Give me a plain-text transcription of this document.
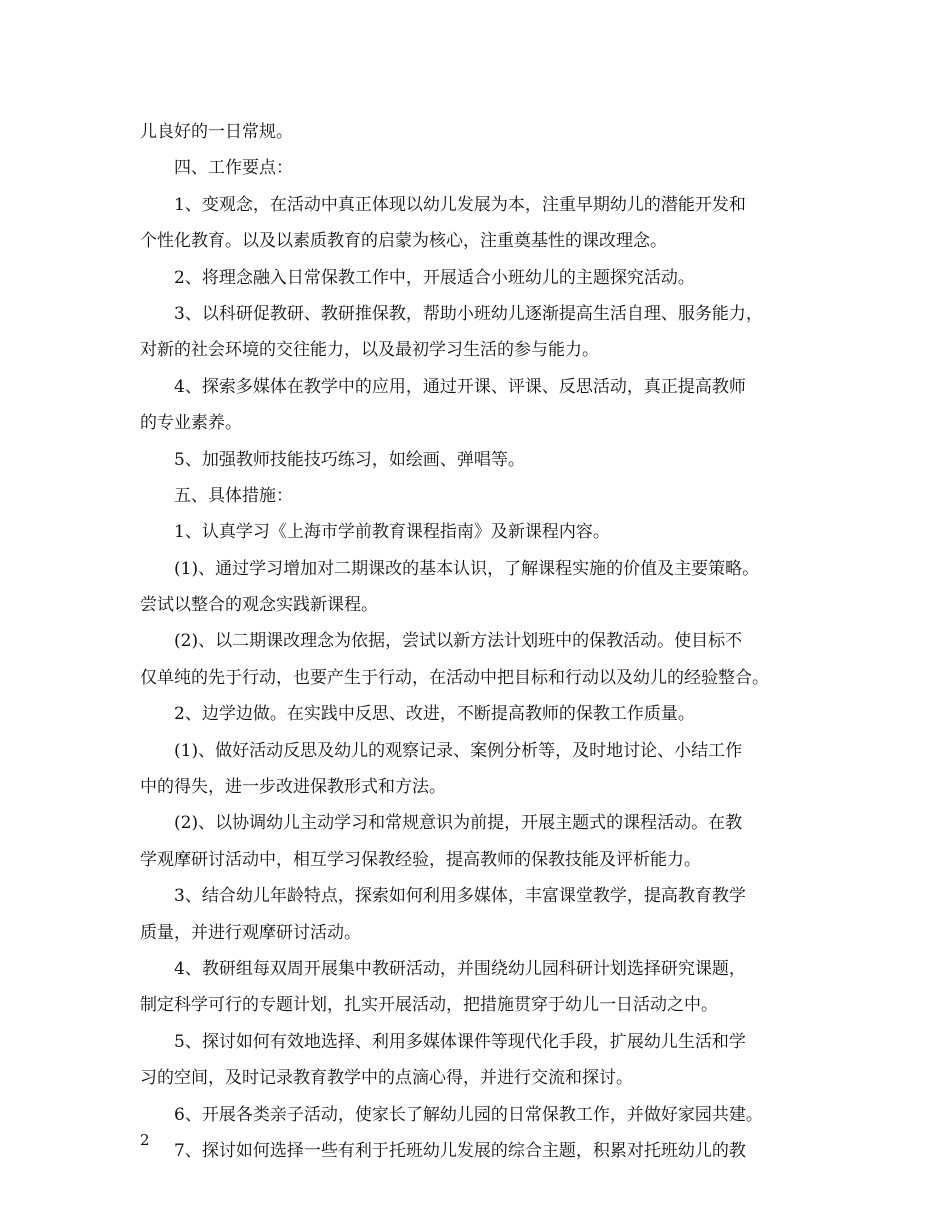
儿良好的一日常规。
四、工作要点：
1、变观念，在活动中真正体现以幼儿发展为本，注重早期幼儿的潜能开发和
个性化教育。以及以素质教育的启蒙为核心，注重奠基性的课改理念。
2、将理念融入日常保教工作中，开展适合小班幼儿的主题探究活动。
3、以科研促教研、教研推保教，帮助小班幼儿逐渐提高生活自理、服务能力，
对新的社会环境的交往能力，以及最初学习生活的参与能力。
4、探索多媒体在教学中的应用，通过开课、评课、反思活动，真正提高教师
的专业素养。
5、加强教师技能技巧练习，如绘画、弹唱等。
五、具体措施：
1、认真学习《上海市学前教育课程指南》及新课程内容。
(1)、通过学习增加对二期课改的基本认识，了解课程实施的价值及主要策略。
尝试以整合的观念实践新课程。
(2)、以二期课改理念为依据，尝试以新方法计划班中的保教活动。使目标不
仅单纯的先于行动，也要产生于行动，在活动中把目标和行动以及幼儿的经验整合。
2、边学边做。在实践中反思、改进，不断提高教师的保教工作质量。
(1)、做好活动反思及幼儿的观察记录、案例分析等，及时地讨论、小结工作
中的得失，进一步改进保教形式和方法。
(2)、以协调幼儿主动学习和常规意识为前提，开展主题式的课程活动。在教
学观摩研讨活动中，相互学习保教经验，提高教师的保教技能及评析能力。
3、结合幼儿年龄特点，探索如何利用多媒体，丰富课堂教学，提高教育教学
质量，并进行观摩研讨活动。
4、教研组每双周开展集中教研活动，并围绕幼儿园科研计划选择研究课题，
制定科学可行的专题计划，扎实开展活动，把措施贯穿于幼儿一日活动之中。
5、探讨如何有效地选择、利用多媒体课件等现代化手段，扩展幼儿生活和学
习的空间，及时记录教育教学中的点滴心得，并进行交流和探讨。
6、开展各类亲子活动，使家长了解幼儿园的日常保教工作，并做好家园共建。
7、探讨如何选择一些有利于托班幼儿发展的综合主题，积累对托班幼儿的教
2
